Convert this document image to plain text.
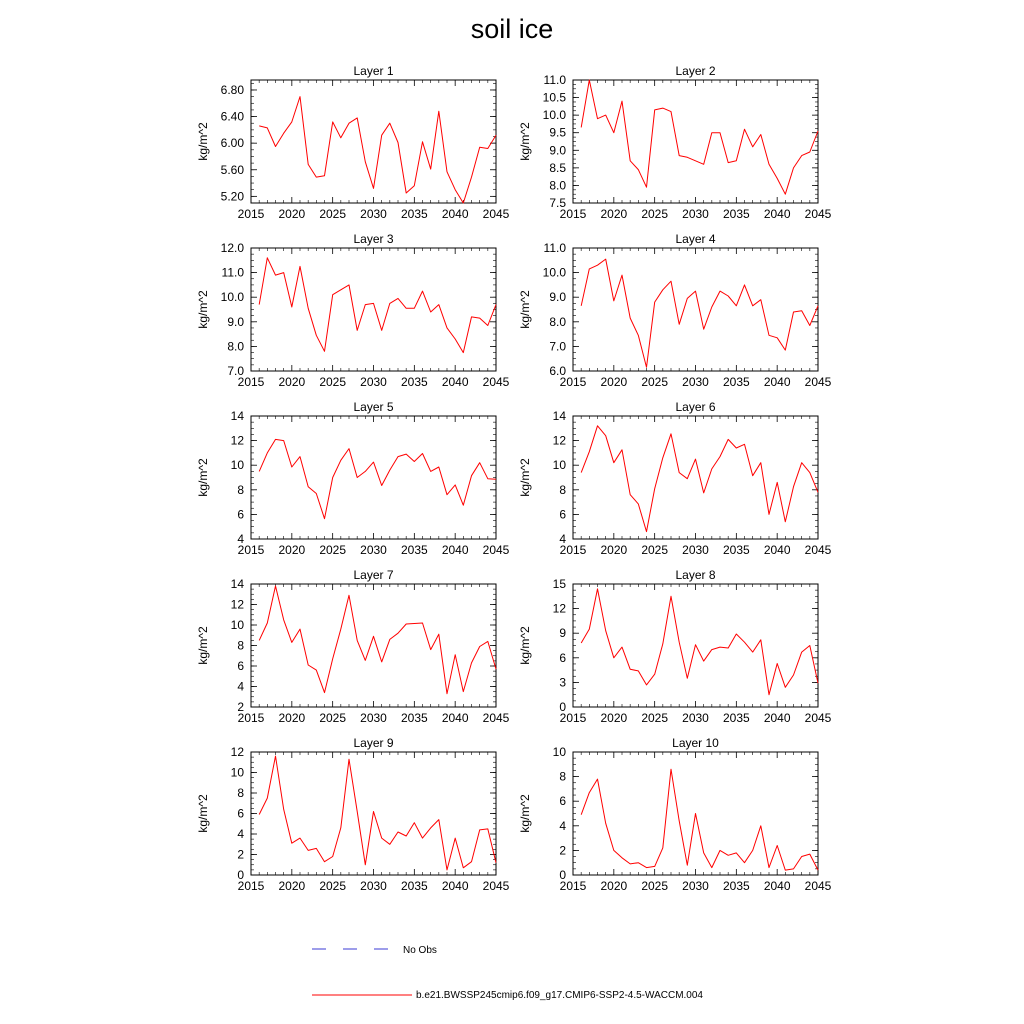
soil ice
Layer 1
2015 2020 2025 2030 2035 2040 2045
5.20
5.60
6.00
6.40
6.80
kg/m^2
Layer 2
2015 2020 2025 2030 2035 2040 2045
7.5
8.0
8.5
9.0
9.5
10.0
10.5
11.0
kg/m^2
Layer 3
2015 2020 2025 2030 2035 2040 2045
7.0
8.0
9.0
10.0
11.0
12.0
kg/m^2
Layer 4
2015 2020 2025 2030 2035 2040 2045
6.0
7.0
8.0
9.0
10.0
11.0
kg/m^2
Layer 5
2015 2020 2025 2030 2035 2040 2045
4
6
8
10
12
14
kg/m^2
Layer 6
2015 2020 2025 2030 2035 2040 2045
4
6
8
10
12
14
kg/m^2
Layer 7
2015 2020 2025 2030 2035 2040 2045
2
4
6
8
10
12
14
kg/m^2
Layer 8
2015 2020 2025 2030 2035 2040 2045
0
3
6
9
12
15
kg/m^2
Layer 9
2015 2020 2025 2030 2035 2040 2045
0
2
4
6
8
10
12
kg/m^2
Layer 10
2015 2020 2025 2030 2035 2040 2045
0
2
4
6
8
10
kg/m^2
No Obs
b.e21.BWSSP245cmip6.f09_g17.CMIP6-SSP2-4.5-WACCM.004
